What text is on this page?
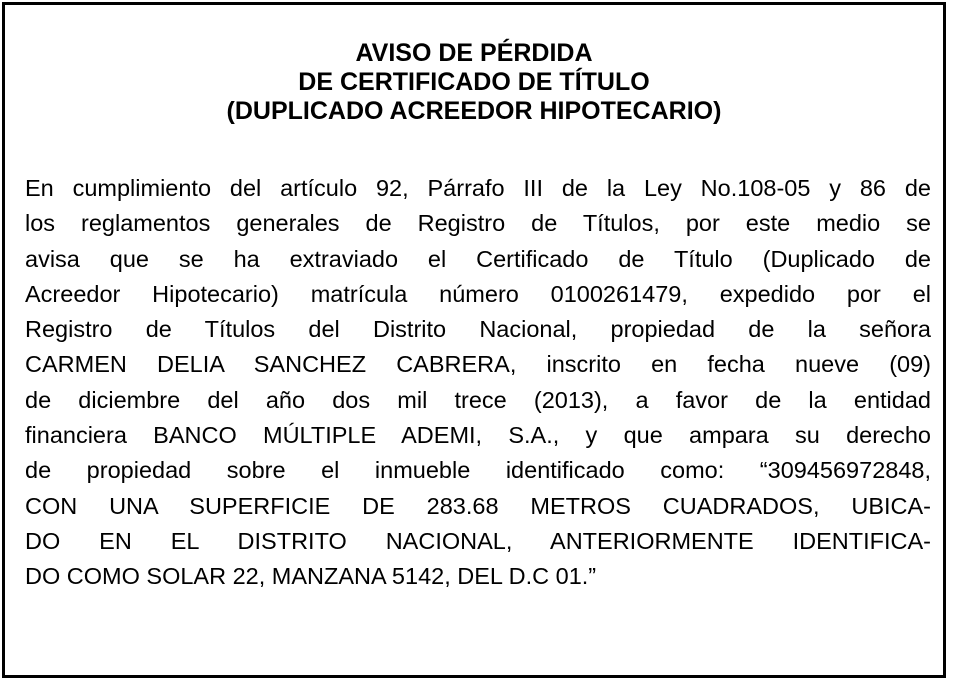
AVISO DE PÉRDIDA
DE CERTIFICADO DE TÍTULO
(DUPLICADO ACREEDOR HIPOTECARIO)
En cumplimiento del artículo 92, Párrafo III de la Ley No.108-05 y 86 de
los reglamentos generales de Registro de Títulos, por este medio se
avisa que se ha extraviado el Certificado de Título (Duplicado de
Acreedor Hipotecario) matrícula número 0100261479, expedido por el
Registro de Títulos del Distrito Nacional, propiedad de la señora
CARMEN DELIA SANCHEZ CABRERA, inscrito en fecha nueve (09)
de diciembre del año dos mil trece (2013), a favor de la entidad
financiera BANCO MÚLTIPLE ADEMI, S.A., y que ampara su derecho
de propiedad sobre el inmueble identificado como: “309456972848,
CON UNA SUPERFICIE DE 283.68 METROS CUADRADOS, UBICA-
DO EN EL DISTRITO NACIONAL, ANTERIORMENTE IDENTIFICA-
DO COMO SOLAR 22, MANZANA 5142, DEL D.C 01.”
